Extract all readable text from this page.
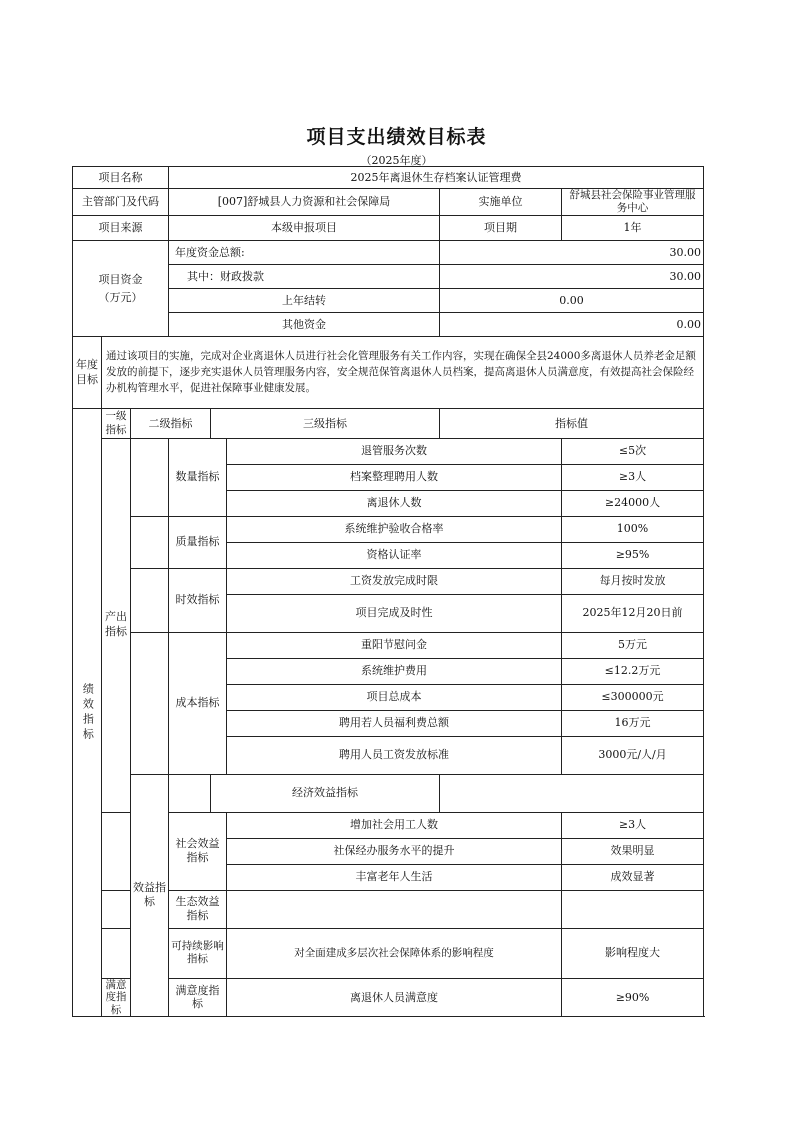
项目支出绩效目标表
（2025年度）
项目名称			2025年离退休生存档案认证管理费					
主管部门及代码			[007]舒城县人力资源和社会保障局			实施单位	舒城县社会保险事业管理服务中心	
项目来源			本级申报项目			项目期	1年	
项目资金
（万元）			年度资金总额:			30.00		
			其中：财政拨款			30.00		
			上年结转			0.00		
			其他资金			0.00		
年度
目标	通过该项目的实施，完成对企业离退休人员进行社会化管理服务有关工作内容，实现在确保全县24000多离退休人员养老金足额发放的前提下，逐步充实退休人员管理服务内容，安全规范保管离退休人员档案，提高离退休人员满意度，有效提高社会保险经办机构管理水平，促进社保障事业健康发展。							
绩效指标	一级指标	二级指标		三级指标		指标值		
	产出指标		数量指标		退管服务次数		≤5次	
					档案整理聘用人数		≥3人	
					离退休人数		≥24000人	
			质量指标		系统维护验收合格率		100%	
					资格认证率		≥95%	
			时效指标		工资发放完成时限		每月按时发放	
					项目完成及时性		2025年12月20日前	
			成本指标		重阳节慰问金		5万元	
					系统维护费用		≤12.2万元	
					项目总成本		≤300000元	
					聘用若人员福利费总额		16万元	
					聘用人员工资发放标准		3000元/人/月	
		效益指标		经济效益指标				
			社会效益指标		增加社会用工人数		≥3人	
					社保经办服务水平的提升		效果明显	
					丰富老年人生活		成效显著	
			生态效益指标					
			可持续影响指标		对全面建成多层次社会保障体系的影响程度		影响程度大	
	满意度指标		满意度指标		离退休人员满意度		≥90%	
